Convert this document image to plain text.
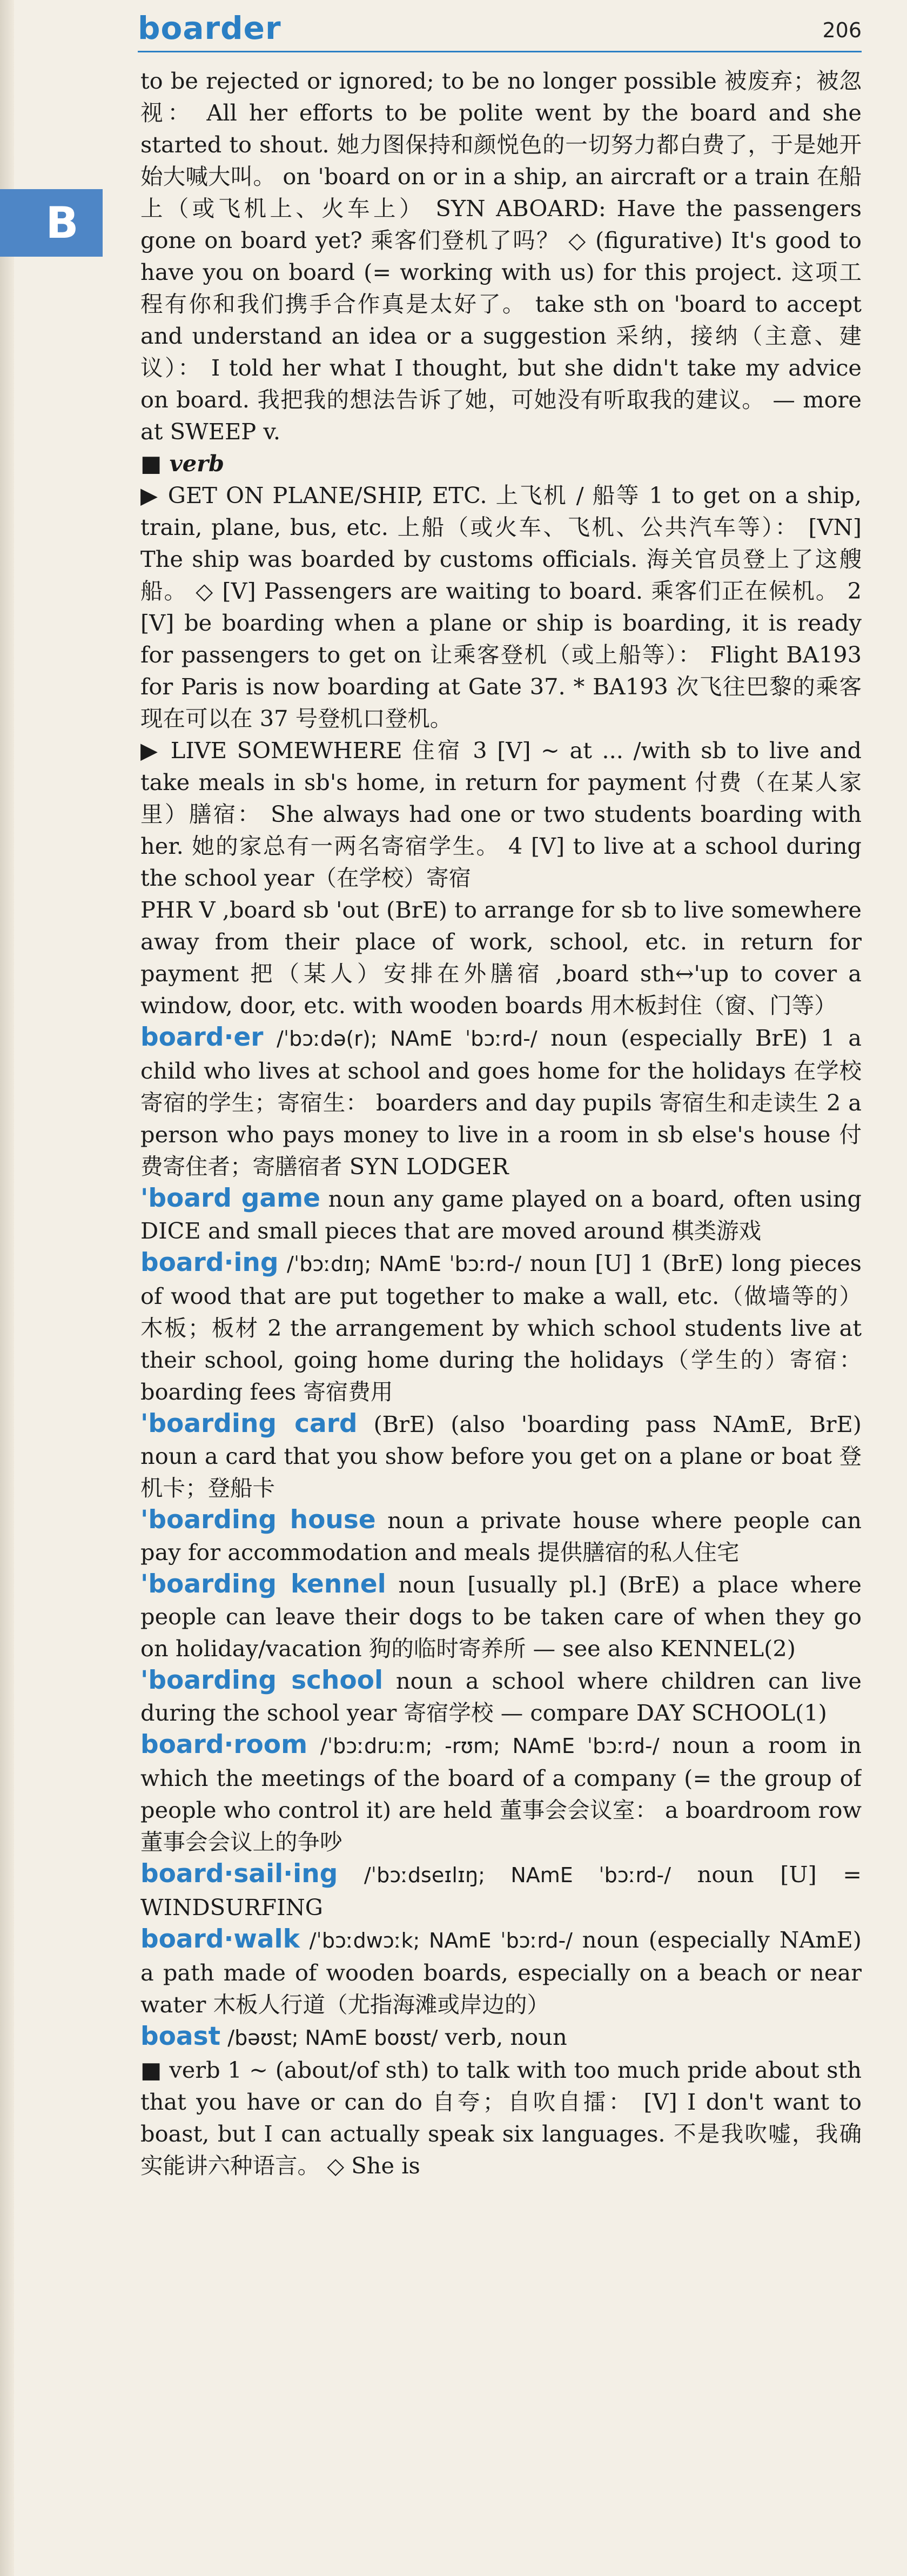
boarder	206
B

to be rejected or ignored; to be no longer possible 被废弃；被忽视： All her efforts to be polite went by the board and she started to shout. 她力图保持和颜悦色的一切努力都白费了，于是她开始大喊大叫。 on 'board on or in a ship, an aircraft or a train 在船上（或飞机上、火车上） SYN ABOARD: Have the passengers gone on board yet? 乘客们登机了吗？ ◇ (figurative) It's good to have you on board (= working with us) for this project. 这项工程有你和我们携手合作真是太好了。 take sth on 'board to accept and understand an idea or a suggestion 采纳，接纳（主意、建议）： I told her what I thought, but she didn't take my advice on board. 我把我的想法告诉了她，可她没有听取我的建议。 — more at SWEEP v.

■ verb

▶ GET ON PLANE/SHIP, ETC. 上飞机 / 船等 1 to get on a ship, train, plane, bus, etc. 上船（或火车、飞机、公共汽车等）： [VN] The ship was boarded by customs officials. 海关官员登上了这艘船。 ◇ [V] Passengers are waiting to board. 乘客们正在候机。 2 [V] be boarding when a plane or ship is boarding, it is ready for passengers to get on 让乘客登机（或上船等）： Flight BA193 for Paris is now boarding at Gate 37. * BA193 次飞往巴黎的乘客现在可以在 37 号登机口登机。

▶ LIVE SOMEWHERE 住宿 3 [V] ~ at ... /with sb to live and take meals in sb's home, in return for payment 付费（在某人家里）膳宿： She always had one or two students boarding with her. 她的家总有一两名寄宿学生。 4 [V] to live at a school during the school year（在学校）寄宿

PHR V ,board sb 'out (BrE) to arrange for sb to live somewhere away from their place of work, school, etc. in return for payment 把（某人）安排在外膳宿 ,board sth↔'up to cover a window, door, etc. with wooden boards 用木板封住（窗、门等）

board·er /ˈbɔːdə(r); NAmE ˈbɔːrd-/ noun (especially BrE) 1 a child who lives at school and goes home for the holidays 在学校寄宿的学生；寄宿生： boarders and day pupils 寄宿生和走读生 2 a person who pays money to live in a room in sb else's house 付费寄住者；寄膳宿者 SYN LODGER

'board game noun any game played on a board, often using DICE and small pieces that are moved around 棋类游戏

board·ing /ˈbɔːdɪŋ; NAmE ˈbɔːrd-/ noun [U] 1 (BrE) long pieces of wood that are put together to make a wall, etc.（做墙等的）木板；板材 2 the arrangement by which school students live at their school, going home during the holidays（学生的）寄宿： boarding fees 寄宿费用

'boarding card (BrE) (also 'boarding pass NAmE, BrE) noun a card that you show before you get on a plane or boat 登机卡；登船卡

'boarding house noun a private house where people can pay for accommodation and meals 提供膳宿的私人住宅

'boarding kennel noun [usually pl.] (BrE) a place where people can leave their dogs to be taken care of when they go on holiday/vacation 狗的临时寄养所 — see also KENNEL(2)

'boarding school noun a school where children can live during the school year 寄宿学校 — compare DAY SCHOOL(1)

board·room /ˈbɔːdruːm; -rʊm; NAmE ˈbɔːrd-/ noun a room in which the meetings of the board of a company (= the group of people who control it) are held 董事会会议室： a boardroom row 董事会会议上的争吵

board·sail·ing /ˈbɔːdseɪlɪŋ; NAmE ˈbɔːrd-/ noun [U] = WINDSURFING

board·walk /ˈbɔːdwɔːk; NAmE ˈbɔːrd-/ noun (especially NAmE) a path made of wooden boards, especially on a beach or near water 木板人行道（尤指海滩或岸边的）

boast /bəʊst; NAmE boʊst/ verb, noun

■ verb 1 ~ (about/of sth) to talk with too much pride about sth that you have or can do 自夸；自吹自擂： [V] I don't want to boast, but I can actually speak six languages. 不是我吹嘘，我确实能讲六种语言。 ◇ She is
